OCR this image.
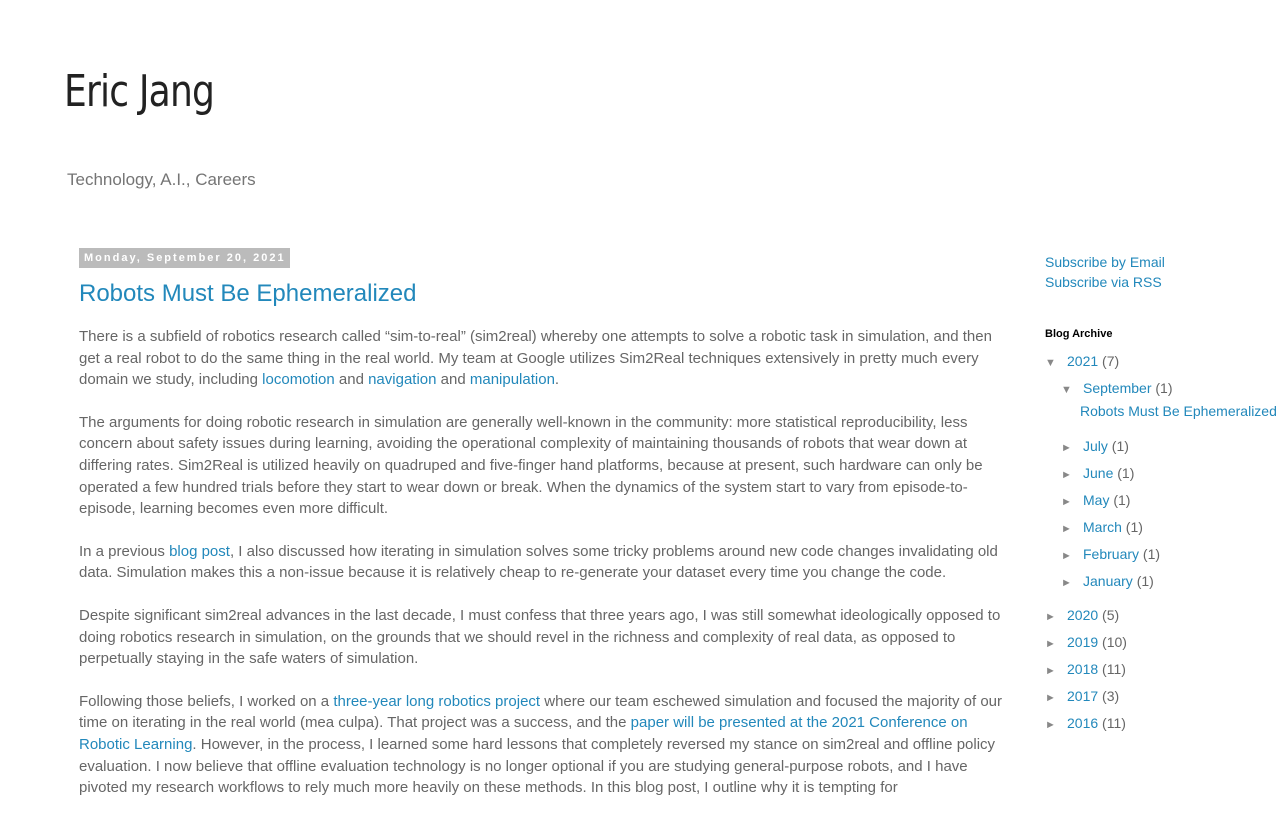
Eric Jang

Technology, A.I., Careers

Monday, September 20, 2021
Robots Must Be Ephemeralized

There is a subfield of robotics research called “sim-to-real” (sim2real) whereby one attempts to solve a robotic task in simulation, and then get a real robot to do the same thing in the real world. My team at Google utilizes Sim2Real techniques extensively in pretty much every domain we study, including locomotion and navigation and manipulation.

The arguments for doing robotic research in simulation are generally well-known in the community: more statistical reproducibility, less concern about safety issues during learning, avoiding the operational complexity of maintaining thousands of robots that wear down at differing rates. Sim2Real is utilized heavily on quadruped and five-finger hand platforms, because at present, such hardware can only be operated a few hundred trials before they start to wear down or break. When the dynamics of the system start to vary from episode-to-episode, learning becomes even more difficult.

In a previous blog post, I also discussed how iterating in simulation solves some tricky problems around new code changes invalidating old data. Simulation makes this a non-issue because it is relatively cheap to re-generate your dataset every time you change the code.

Despite significant sim2real advances in the last decade, I must confess that three years ago, I was still somewhat ideologically opposed to doing robotics research in simulation, on the grounds that we should revel in the richness and complexity of real data, as opposed to perpetually staying in the safe waters of simulation.

Following those beliefs, I worked on a three-year long robotics project where our team eschewed simulation and focused the majority of our time on iterating in the real world (mea culpa). That project was a success, and the paper will be presented at the 2021 Conference on Robotic Learning. However, in the process, I learned some hard lessons that completely reversed my stance on sim2real and offline policy evaluation. I now believe that offline evaluation technology is no longer optional if you are studying general-purpose robots, and I have pivoted my research workflows to rely much more heavily on these methods. In this blog post, I outline why it is tempting for

Subscribe by Email
Subscribe via RSS
Blog Archive
▼ 2021 (7)
▼ September (1)
Robots Must Be Ephemeralized
► July (1)
► June (1)
► May (1)
► March (1)
► February (1)
► January (1)
► 2020 (5)
► 2019 (10)
► 2018 (11)
► 2017 (3)
► 2016 (11)
